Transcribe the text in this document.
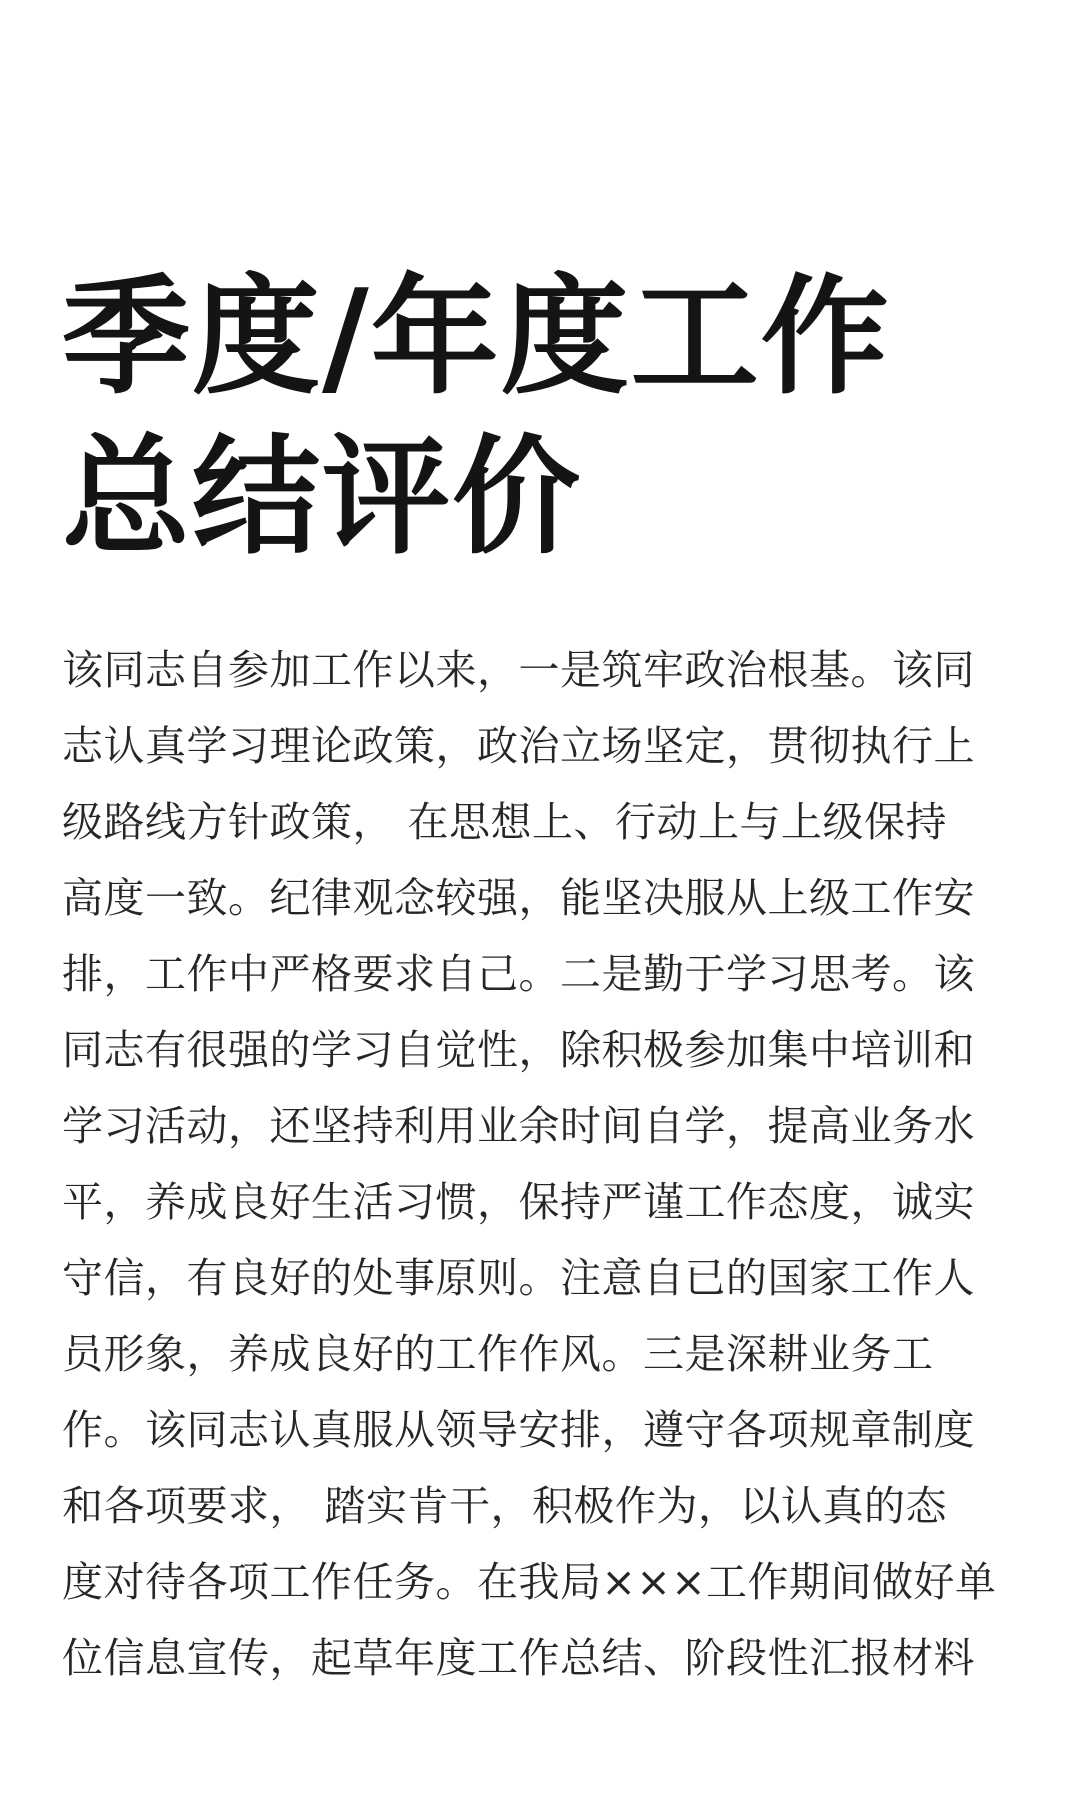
季度/年度工作
总结评价
该同志自参加工作以来，一是筑牢政治根基。该同
志认真学习理论政策，政治立场坚定，贯彻执行上
级路线方针政策， 在思想上、行动上与上级保持
高度一致。纪律观念较强，能坚决服从上级工作安
排，工作中严格要求自己。二是勤于学习思考。该
同志有很强的学习自觉性，除积极参加集中培训和
学习活动，还坚持利用业余时间自学，提高业务水
平，养成良好生活习惯，保持严谨工作态度，诚实
守信，有良好的处事原则。注意自已的国家工作人
员形象，养成良好的工作作风。三是深耕业务工
作。该同志认真服从领导安排，遵守各项规章制度
和各项要求， 踏实肯干，积极作为，以认真的态
度对待各项工作任务。在我局×××工作期间做好单
位信息宣传，起草年度工作总结、阶段性汇报材料
